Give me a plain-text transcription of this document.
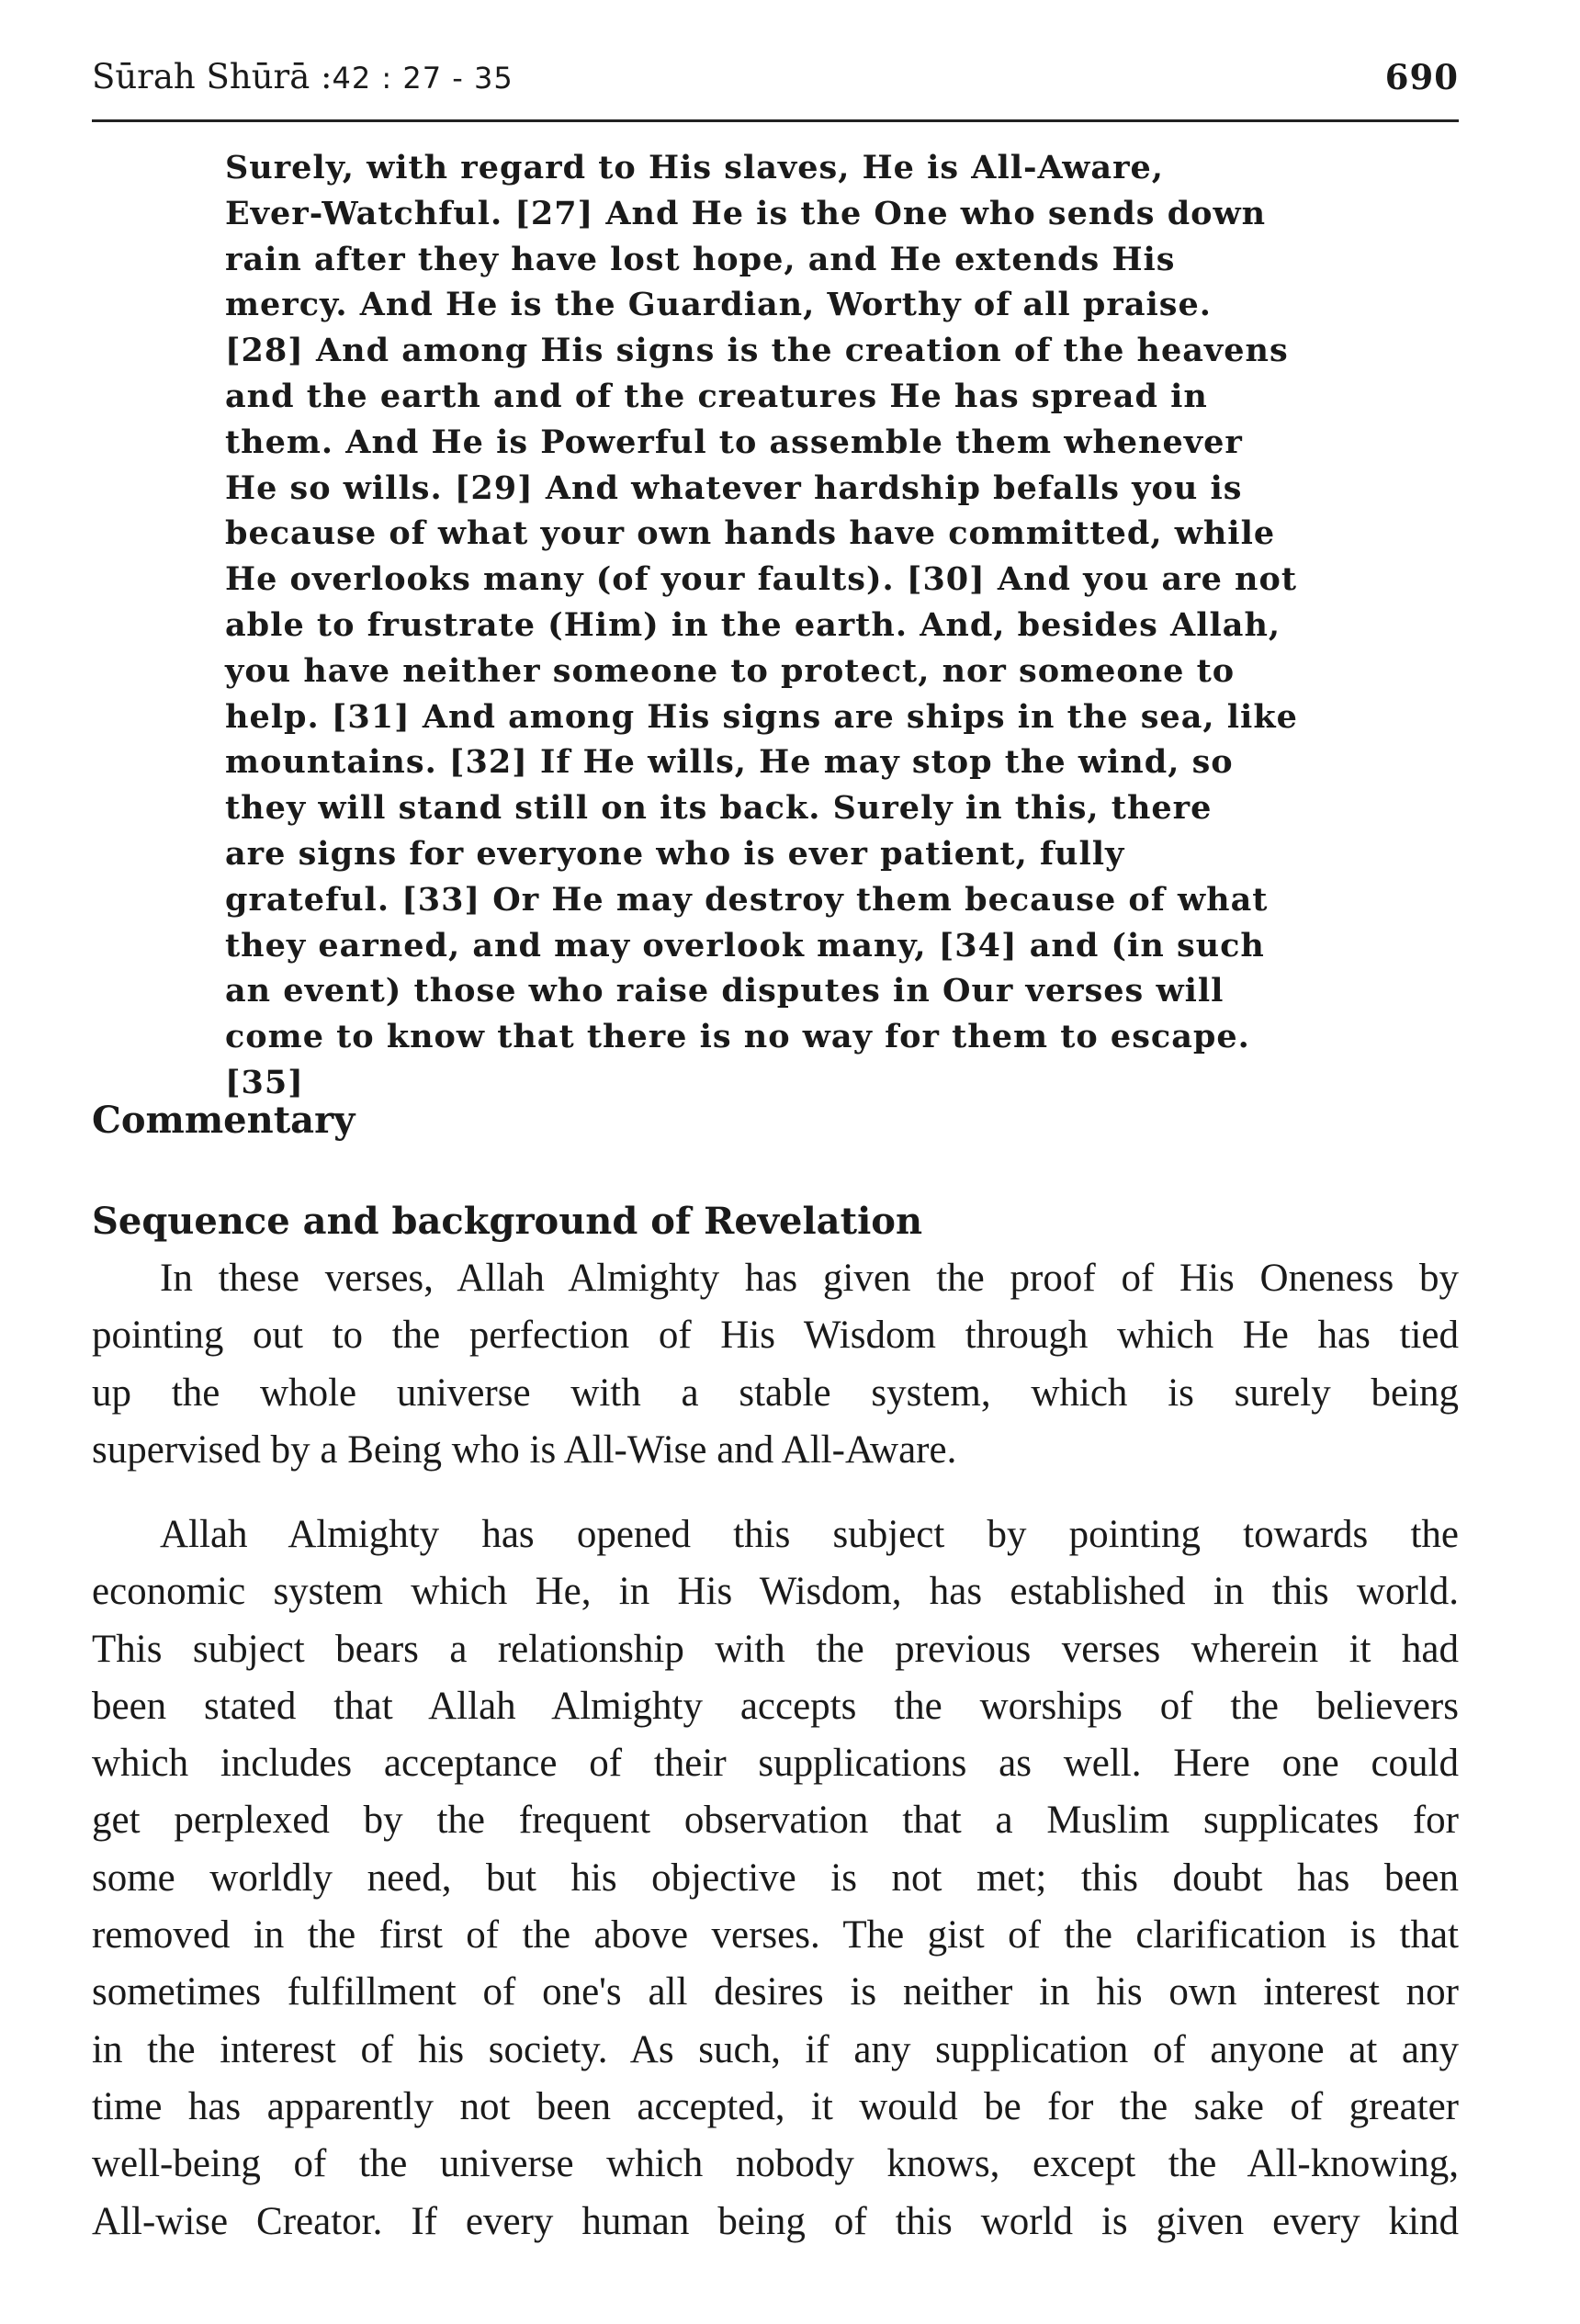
Sūrah Shūrā :42 : 27 - 35	690
Surely, with regard to His slaves, He is All-Aware,
Ever-Watchful. [27] And He is the One who sends down
rain after they have lost hope, and He extends His
mercy. And He is the Guardian, Worthy of all praise.
[28] And among His signs is the creation of the heavens
and the earth and of the creatures He has spread in
them. And He is Powerful to assemble them whenever
He so wills. [29] And whatever hardship befalls you is
because of what your own hands have committed, while
He overlooks many (of your faults). [30] And you are not
able to frustrate (Him) in the earth. And, besides Allah,
you have neither someone to protect, nor someone to
help. [31] And among His signs are ships in the sea, like
mountains. [32] If He wills, He may stop the wind, so
they will stand still on its back. Surely in this, there
are signs for everyone who is ever patient, fully
grateful. [33] Or He may destroy them because of what
they earned, and may overlook many, [34] and (in such
an event) those who raise disputes in Our verses will
come to know that there is no way for them to escape.
[35]
Commentary
Sequence and background of Revelation
In these verses, Allah Almighty has given the proof of His Oneness by
pointing out to the perfection of His Wisdom through which He has tied
up the whole universe with a stable system, which is surely being
supervised by a Being who is All-Wise and All-Aware.
Allah Almighty has opened this subject by pointing towards the
economic system which He, in His Wisdom, has established in this world.
This subject bears a relationship with the previous verses wherein it had
been stated that Allah Almighty accepts the worships of the believers
which includes acceptance of their supplications as well. Here one could
get perplexed by the frequent observation that a Muslim supplicates for
some worldly need, but his objective is not met; this doubt has been
removed in the first of the above verses. The gist of the clarification is that
sometimes fulfillment of one's all desires is neither in his own interest nor
in the interest of his society. As such, if any supplication of anyone at any
time has apparently not been accepted, it would be for the sake of greater
well-being of the universe which nobody knows, except the All-knowing,
All-wise Creator. If every human being of this world is given every kind
